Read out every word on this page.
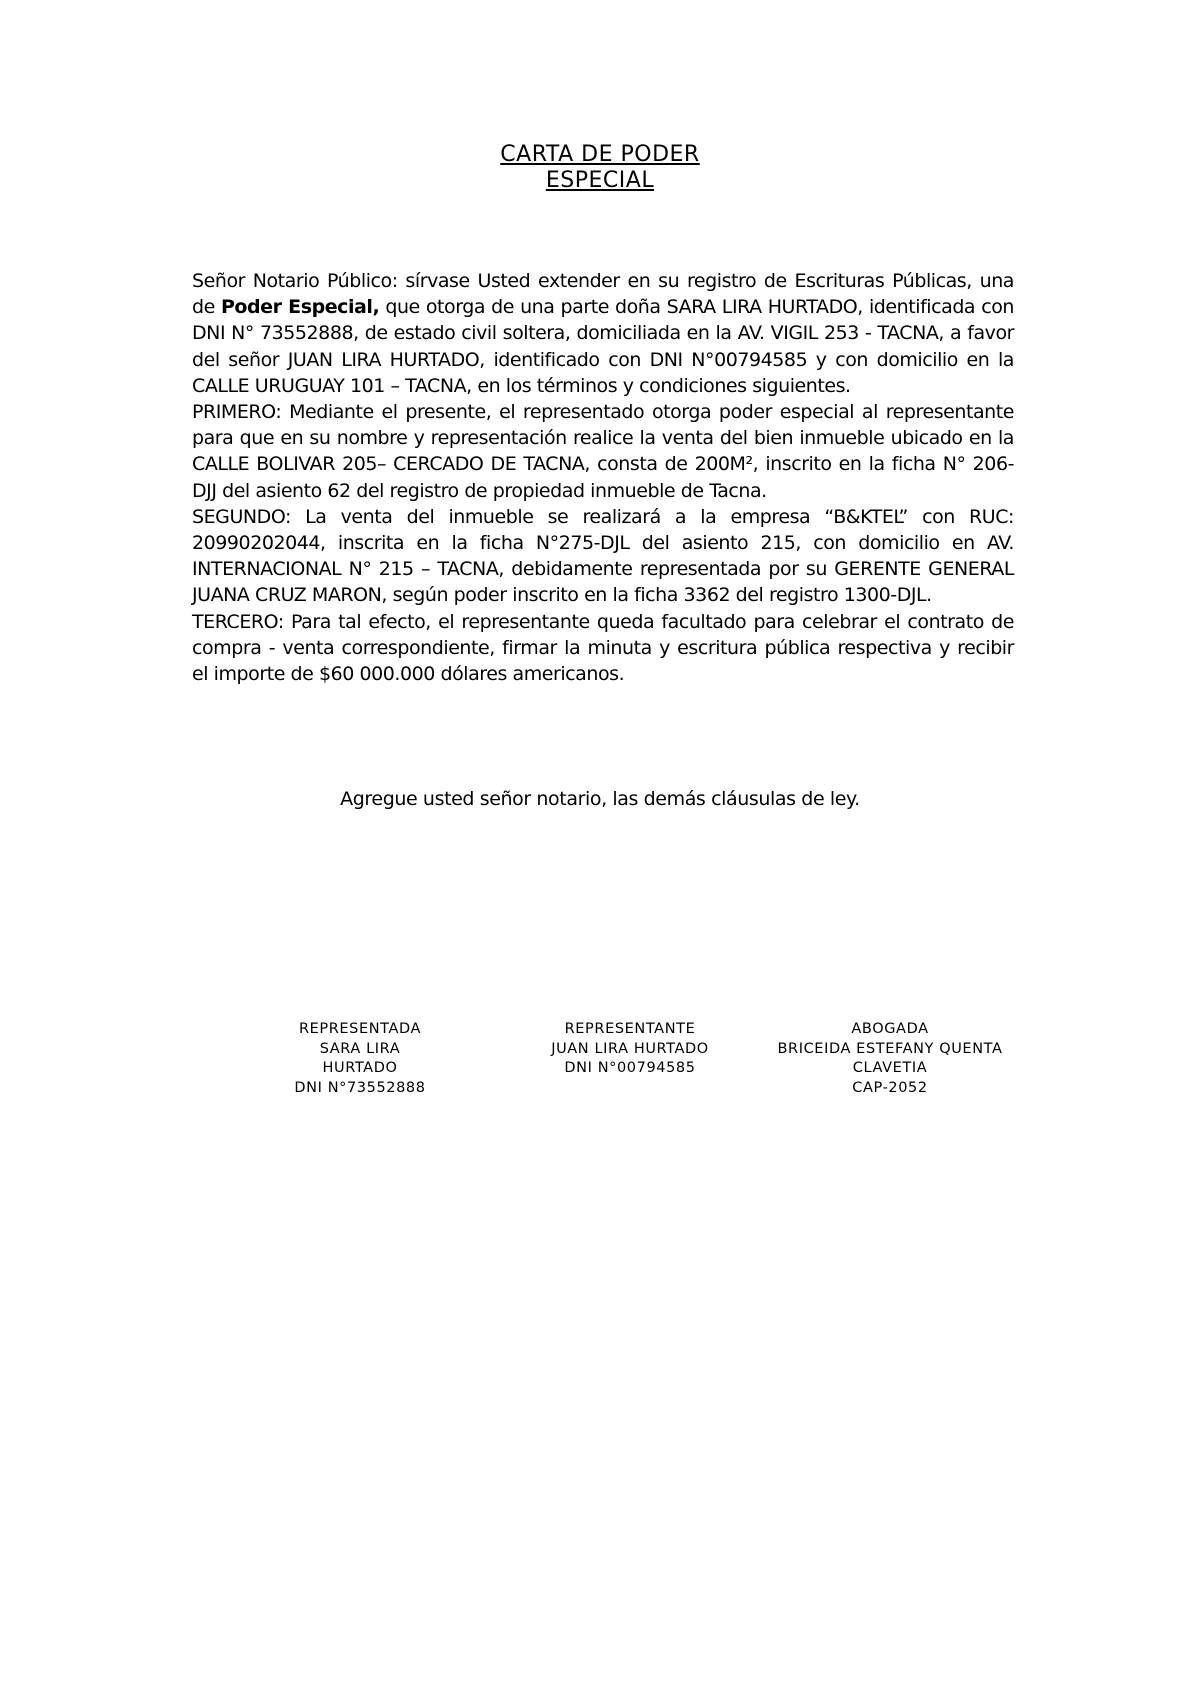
CARTA DE PODER
ESPECIAL

Señor Notario Público: sírvase Usted extender en su registro de Escrituras Públicas, una de Poder Especial, que otorga de una parte doña SARA LIRA HURTADO, identificada con DNI N° 73552888, de estado civil soltera, domiciliada en la AV. VIGIL 253 - TACNA, a favor del señor JUAN LIRA HURTADO, identificado con DNI N°00794585 y con domicilio en la CALLE URUGUAY 101 – TACNA, en los términos y condiciones siguientes.

PRIMERO: Mediante el presente, el representado otorga poder especial al representante para que en su nombre y representación realice la venta del bien inmueble ubicado en la CALLE BOLIVAR 205– CERCADO DE TACNA, consta de 200M², inscrito en la ficha N° 206-DJJ del asiento 62 del registro de propiedad inmueble de Tacna.

SEGUNDO: La venta del inmueble se realizará a la empresa “B&KTEL” con RUC: 20990202044, inscrita en la ficha N°275-DJL del asiento 215, con domicilio en AV. INTERNACIONAL N° 215 – TACNA, debidamente representada por su GERENTE GENERAL JUANA CRUZ MARON, según poder inscrito en la ficha 3362 del registro 1300-DJL.

TERCERO: Para tal efecto, el representante queda facultado para celebrar el contrato de compra - venta correspondiente, firmar la minuta y escritura pública respectiva y recibir el importe de $60 000.000 dólares americanos.

Agregue usted señor notario, las demás cláusulas de ley.
REPRESENTADA
SARA LIRA
HURTADO
DNI N°73552888
REPRESENTANTE
JUAN LIRA HURTADO
DNI N°00794585
ABOGADA
BRICEIDA ESTEFANY QUENTA
CLAVETIA
CAP-2052
